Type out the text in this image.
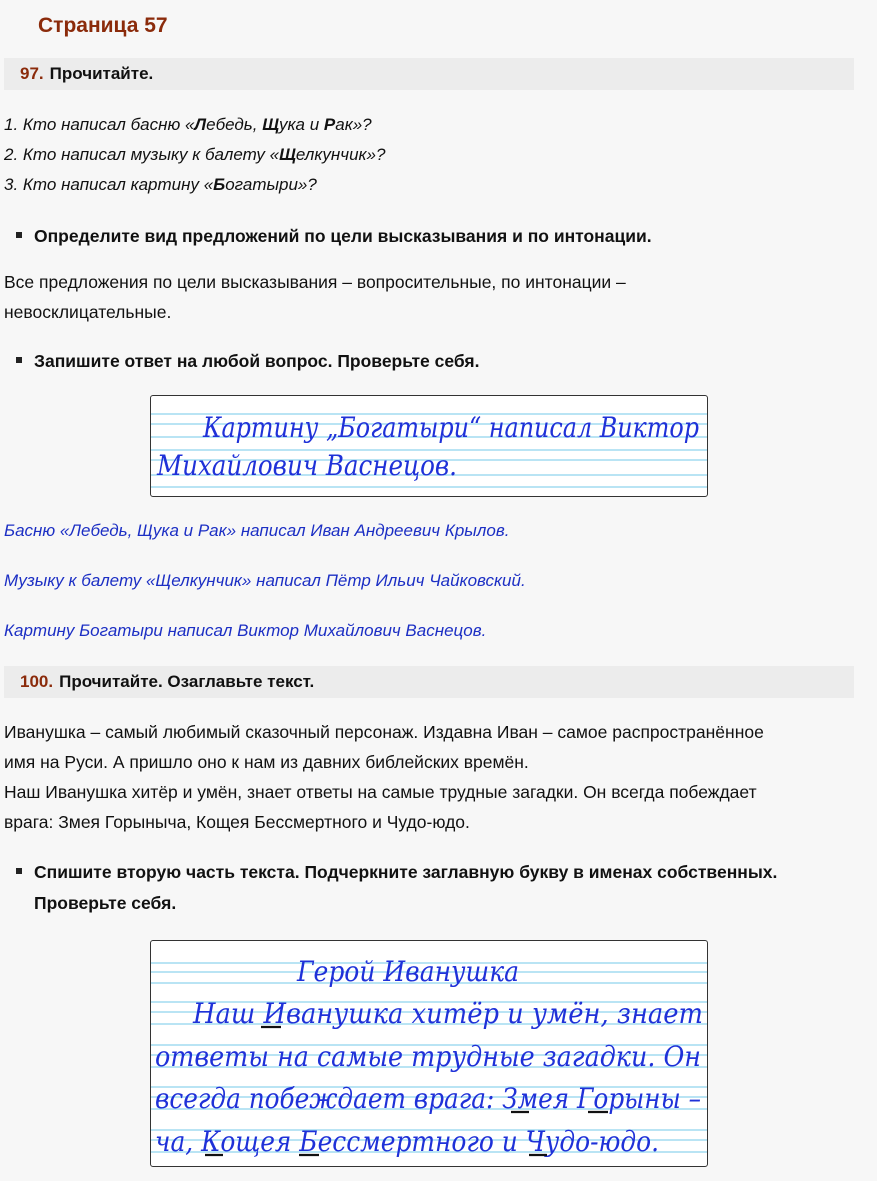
Страница 57
97. Прочитайте.
1. Кто написал басню «Лебедь, Щука и Рак»?
2. Кто написал музыку к балету «Щелкунчик»?
3. Кто написал картину «Богатыри»?
Определите вид предложений по цели высказывания и по интонации.
Все предложения по цели высказывания – вопросительные, по интонации –
невосклицательные.
Запишите ответ на любой вопрос. Проверьте себя.
Картину „Богатыри“ написал Виктор
Михайлович Васнецов.
Басню «Лебедь, Щука и Рак» написал Иван Андреевич Крылов.
Музыку к балету «Щелкунчик» написал Пётр Ильич Чайковский.
Картину Богатыри написал Виктор Михайлович Васнецов.
100. Прочитайте. Озаглавьте текст.
Иванушка – самый любимый сказочный персонаж. Издавна Иван – самое распространённое
имя на Руси. А пришло оно к нам из давних библейских времён.
Наш Иванушка хитёр и умён, знает ответы на самые трудные загадки. Он всегда побеждает
врага: Змея Горыныча, Кощея Бессмертного и Чудо-юдо.
Спишите вторую часть текста. Подчеркните заглавную букву в именах собственных.
Проверьте себя.
Герой Иванушка
Наш Иванушка хитёр и умён, знает
ответы на самые трудные загадки. Он
всегда побеждает врага: Змея Горыны –
ча, Кощея Бессмертного и Чудо-юдо.
